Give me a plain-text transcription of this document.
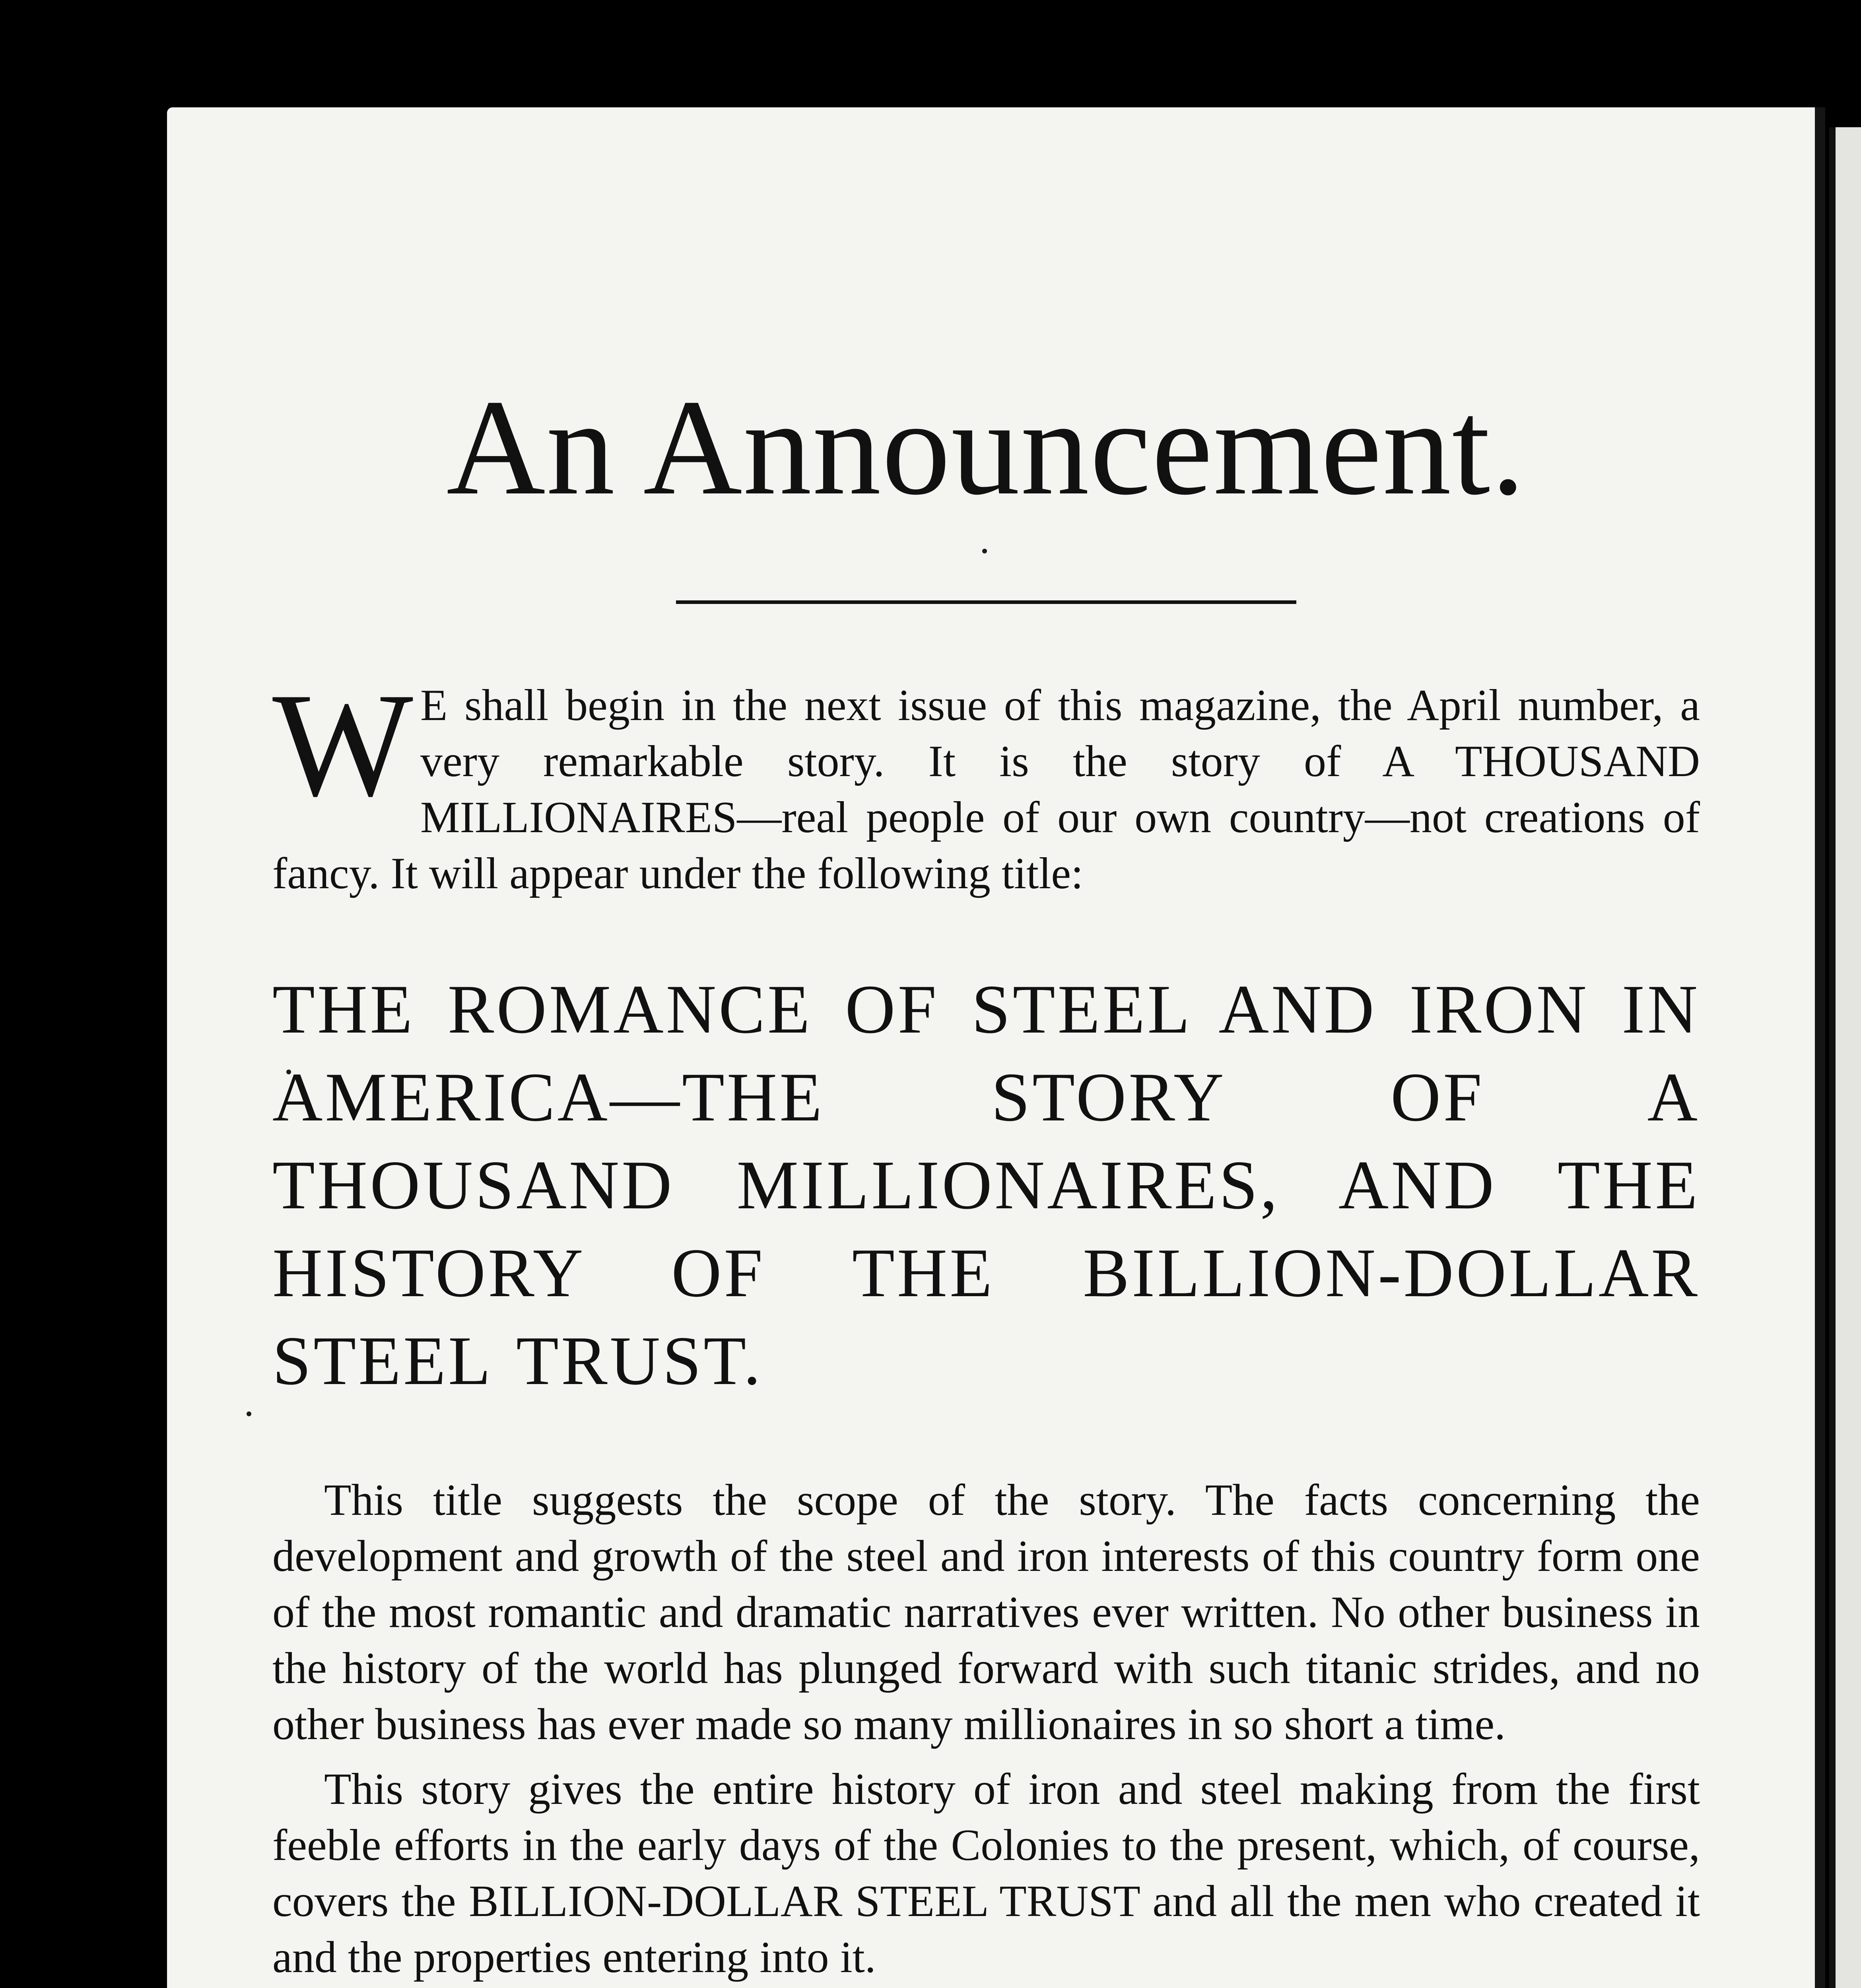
An Announcement.

W E shall begin in the next issue of this magazine, the April number, a very remarkable story. It is the story of A THOUSAND MILLIONAIRES—real people of our own country—not creations of fancy. It will appear under the following title:

THE ROMANCE OF STEEL AND IRON IN AMERICA—THE STORY OF A THOUSAND MILLIONAIRES, AND THE HISTORY OF THE BILLION-DOLLAR STEEL TRUST.

This title suggests the scope of the story. The facts concerning the development and growth of the steel and iron interests of this country form one of the most romantic and dramatic narratives ever written. No other business in the history of the world has plunged forward with such titanic strides, and no other business has ever made so many millionaires in so short a time.

This story gives the entire history of iron and steel making from the first feeble efforts in the early days of the Colonies to the present, which, of course, covers the BILLION-DOLLAR STEEL TRUST and all the men who created it and the properties entering into it.
